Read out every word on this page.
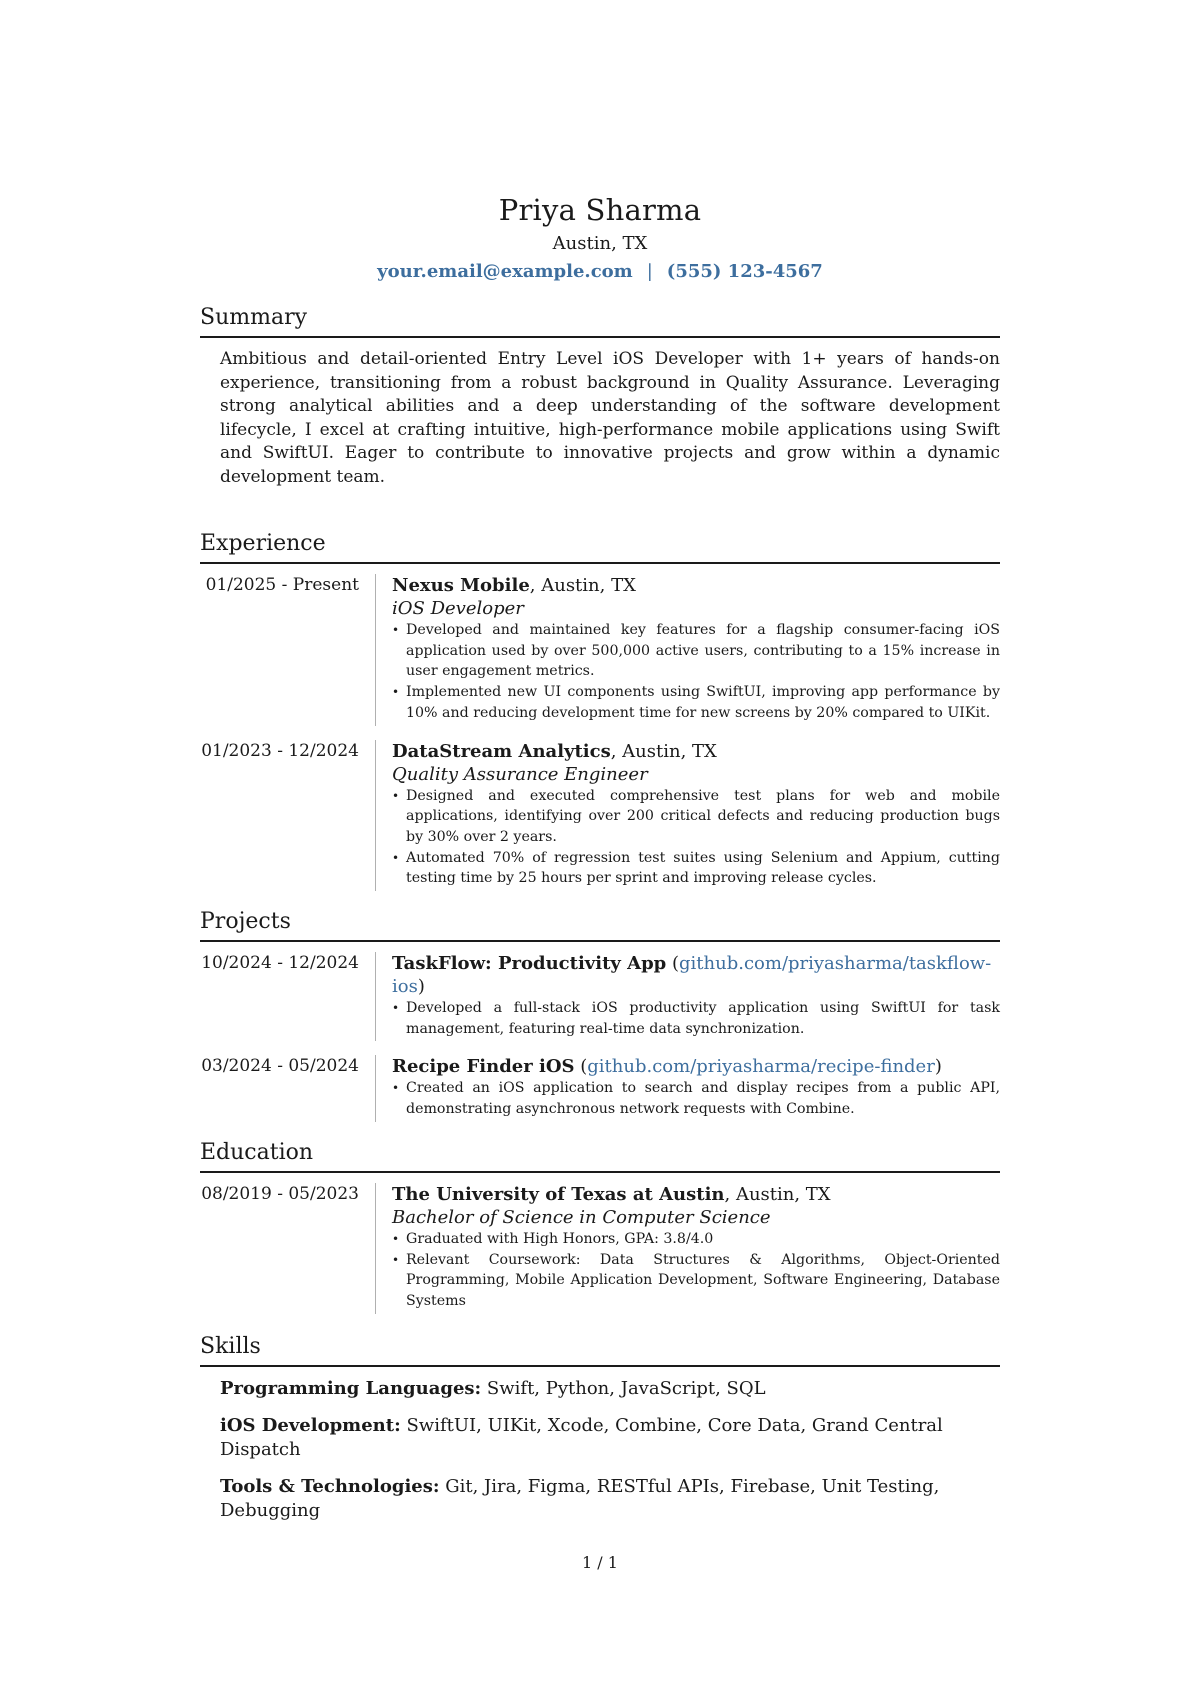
Priya Sharma
Austin, TX
your.email@example.com | (555) 123-4567
Summary
Ambitious and detail-oriented Entry Level iOS Developer with 1+ years of hands-on experience, transitioning from a robust background in Quality Assurance. Leveraging strong analytical abilities and a deep understanding of the software development lifecycle, I excel at crafting intuitive, high-performance mobile applications using Swift and SwiftUI. Eager to contribute to innovative projects and grow within a dynamic development team.
Experience
01/2025 - Present	Nexus Mobile, Austin, TX
iOS Developer
• Developed and maintained key features for a flagship consumer-facing iOS application used by over 500,000 active users, contributing to a 15% increase in user engagement metrics.
• Implemented new UI components using SwiftUI, improving app performance by 10% and reducing development time for new screens by 20% compared to UIKit.
01/2023 - 12/2024	DataStream Analytics, Austin, TX
Quality Assurance Engineer
• Designed and executed comprehensive test plans for web and mobile applications, identifying over 200 critical defects and reducing production bugs by 30% over 2 years.
• Automated 70% of regression test suites using Selenium and Appium, cutting testing time by 25 hours per sprint and improving release cycles.
Projects
10/2024 - 12/2024	TaskFlow: Productivity App (github.com/priyasharma/taskflow-ios)
• Developed a full-stack iOS productivity application using SwiftUI for task management, featuring real-time data synchronization.
03/2024 - 05/2024	Recipe Finder iOS (github.com/priyasharma/recipe-finder)
• Created an iOS application to search and display recipes from a public API, demonstrating asynchronous network requests with Combine.
Education
08/2019 - 05/2023	The University of Texas at Austin, Austin, TX
Bachelor of Science in Computer Science
• Graduated with High Honors, GPA: 3.8/4.0
• Relevant Coursework: Data Structures & Algorithms, Object-Oriented Programming, Mobile Application Development, Software Engineering, Database Systems
Skills
Programming Languages: Swift, Python, JavaScript, SQL
iOS Development: SwiftUI, UIKit, Xcode, Combine, Core Data, Grand Central Dispatch
Tools & Technologies: Git, Jira, Figma, RESTful APIs, Firebase, Unit Testing, Debugging
1 / 1
